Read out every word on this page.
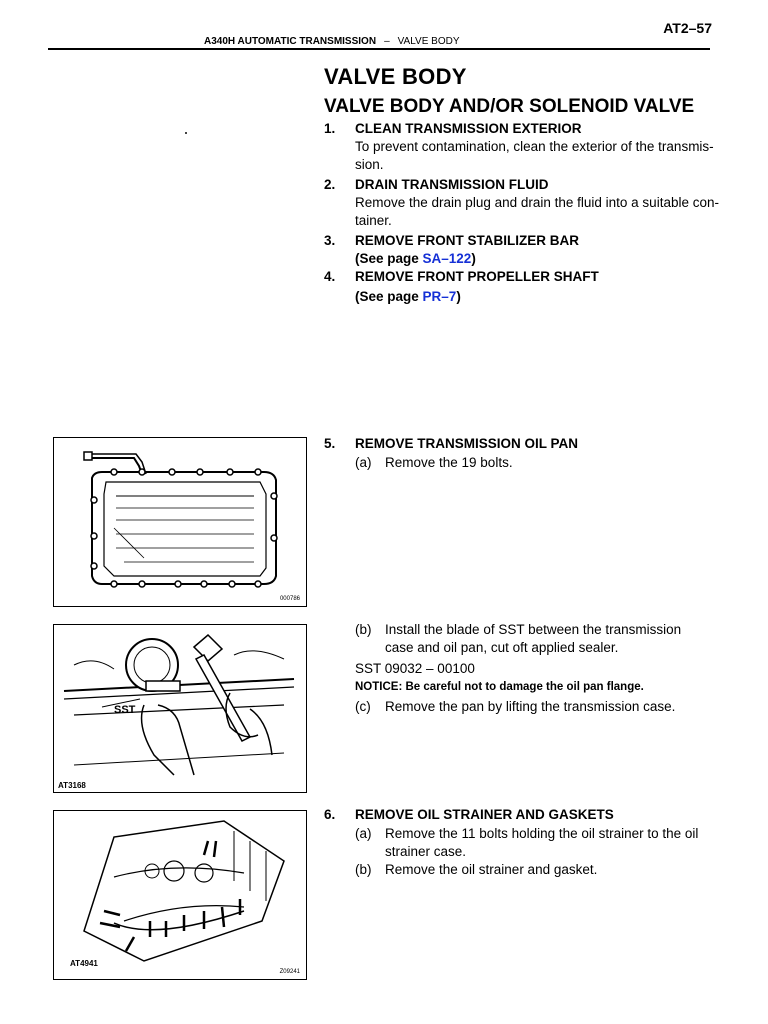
AT2–57
A340H AUTOMATIC TRANSMISSION – VALVE BODY
VALVE BODY
VALVE BODY AND/OR SOLENOID VALVE
1. CLEAN TRANSMISSION EXTERIOR
To prevent contamination, clean the exterior of the transmis-
sion.
2. DRAIN TRANSMISSION FLUID
Remove the drain plug and drain the fluid into a suitable con-
tainer.
3. REMOVE FRONT STABILIZER BAR
(See page SA–122)
4. REMOVE FRONT PROPELLER SHAFT
(See page PR–7)
5. REMOVE TRANSMISSION OIL PAN
(a) Remove the 19 bolts.
(b) Install the blade of SST between the transmission
case and oil pan, cut oft applied sealer.
SST 09032 – 00100
NOTICE: Be careful not to damage the oil pan flange.
(c) Remove the pan by lifting the transmission case.
6. REMOVE OIL STRAINER AND GASKETS
(a) Remove the 11 bolts holding the oil strainer to the oil
strainer case.
(b) Remove the oil strainer and gasket.
000786
SST
AT3168
AT4941
Z09241
